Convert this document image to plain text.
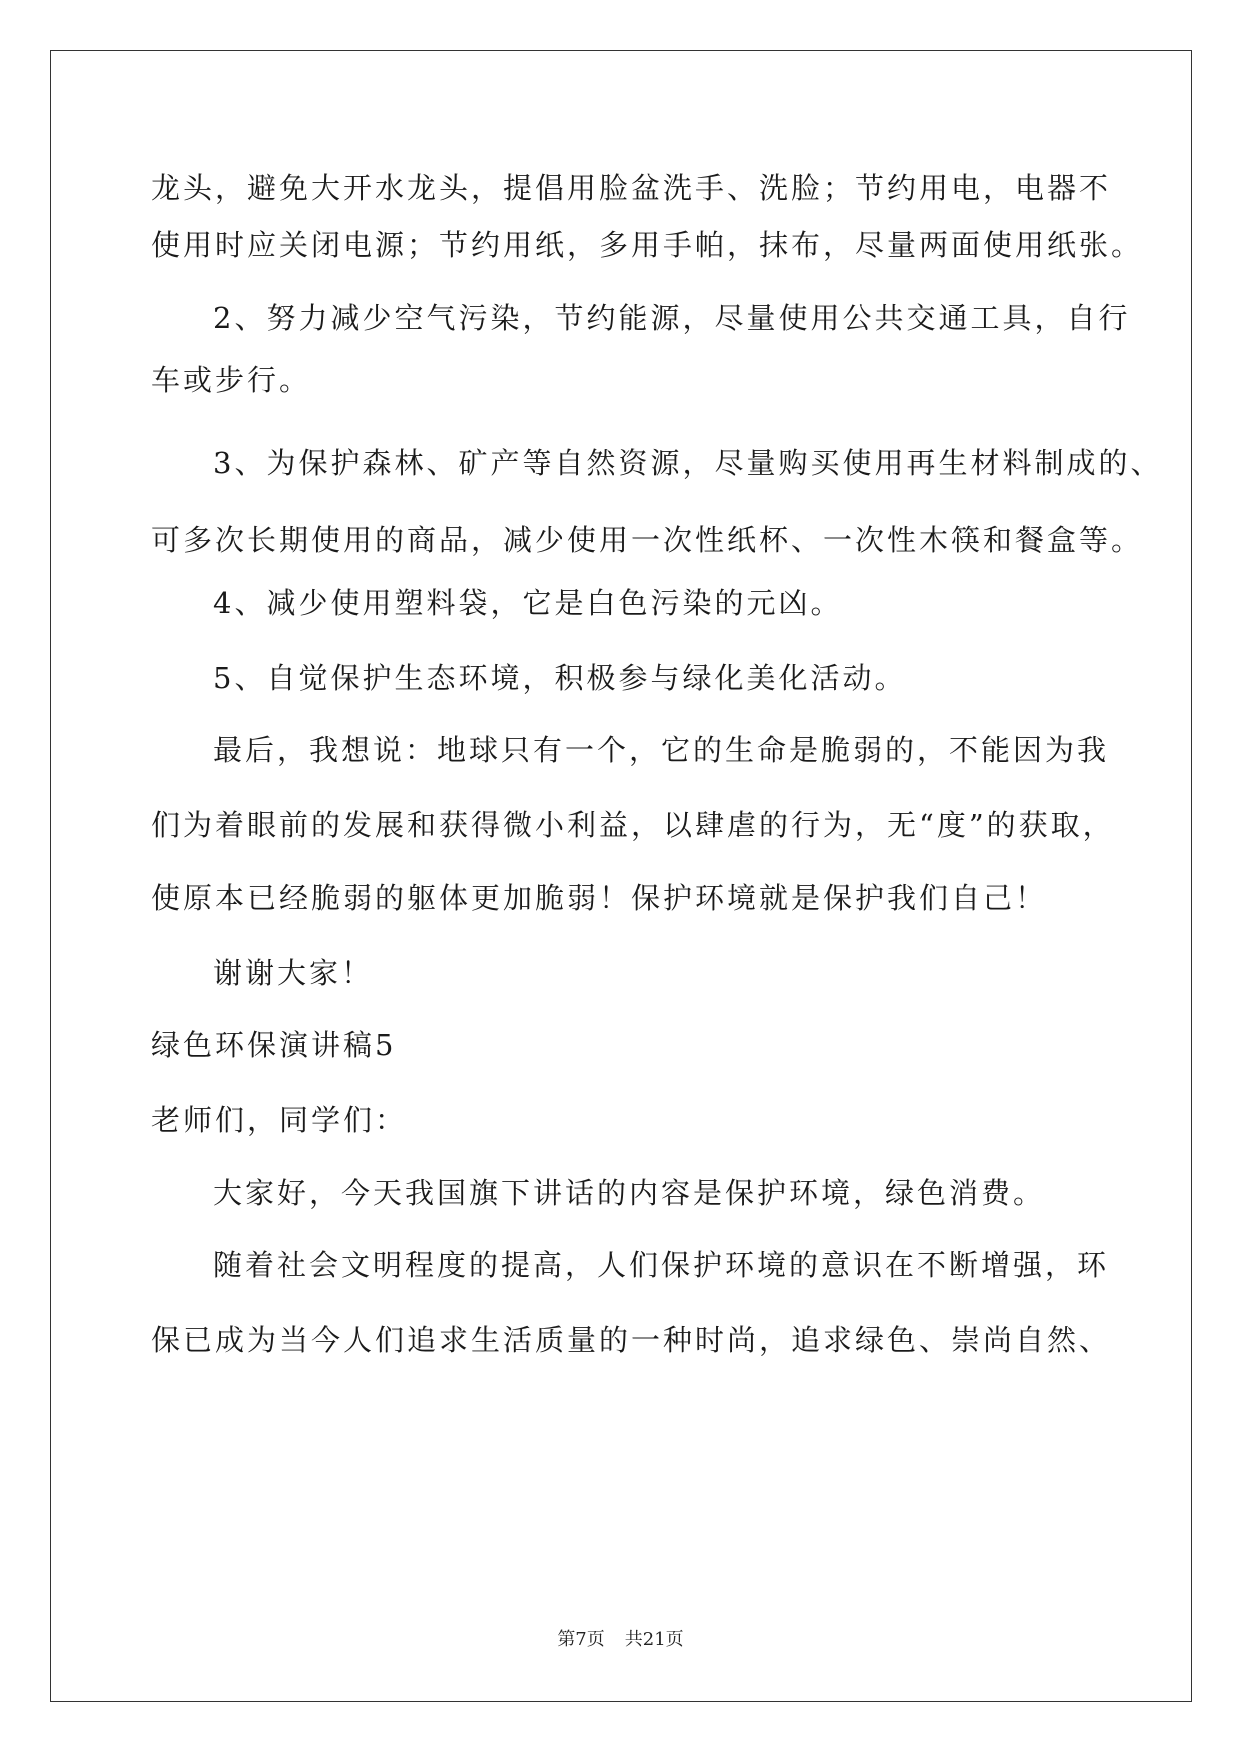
龙头，避免大开水龙头，提倡用脸盆洗手、洗脸；节约用电，电器不
使用时应关闭电源；节约用纸，多用手帕，抹布，尽量两面使用纸张。
2、努力减少空气污染，节约能源，尽量使用公共交通工具，自行
车或步行。
3、为保护森林、矿产等自然资源，尽量购买使用再生材料制成的、
可多次长期使用的商品，减少使用一次性纸杯、一次性木筷和餐盒等。
4、减少使用塑料袋，它是白色污染的元凶。
5、自觉保护生态环境，积极参与绿化美化活动。
最后，我想说：地球只有一个，它的生命是脆弱的，不能因为我
们为着眼前的发展和获得微小利益，以肆虐的行为，无“度”的获取，
使原本已经脆弱的躯体更加脆弱！保护环境就是保护我们自己！
谢谢大家！
绿色环保演讲稿5
老师们，同学们：
大家好，今天我国旗下讲话的内容是保护环境，绿色消费。
随着社会文明程度的提高，人们保护环境的意识在不断增强，环
保已成为当今人们追求生活质量的一种时尚，追求绿色、崇尚自然、
第7页 共21页
